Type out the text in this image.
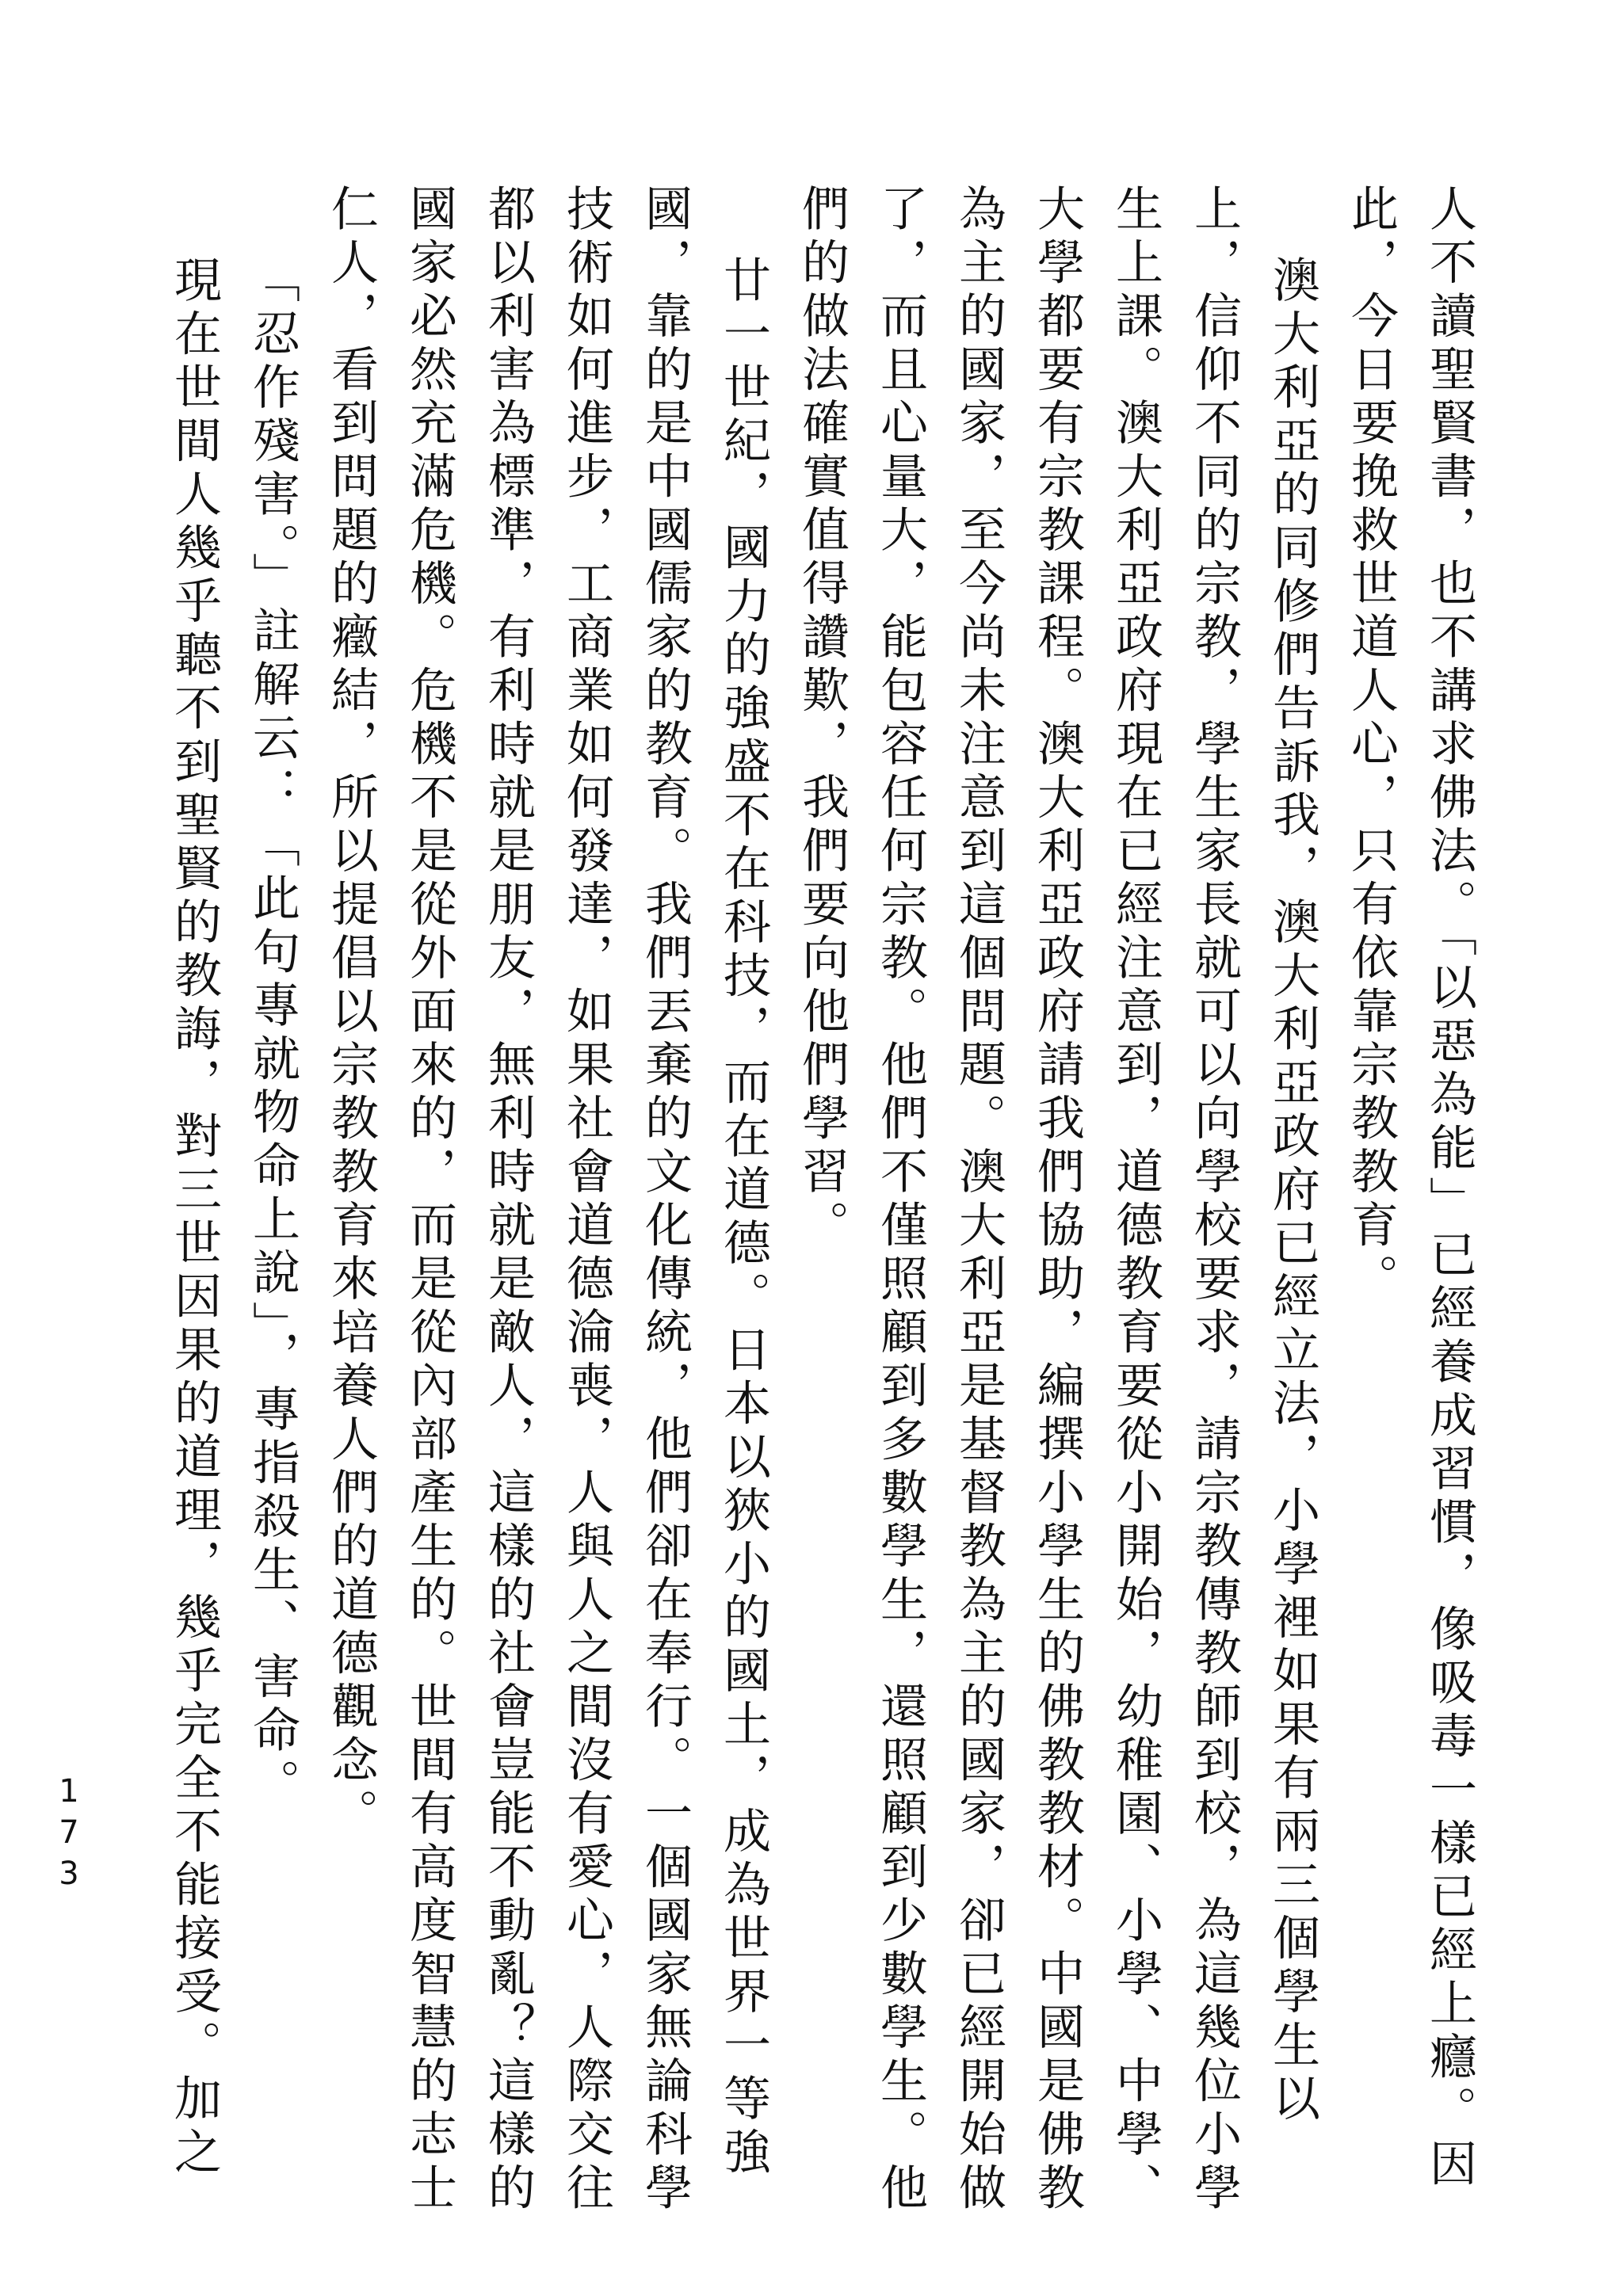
人不讀聖賢書，也不講求佛法。「以惡為能」已經養成習慣，像吸毒一樣已經上癮。因
此，今日要挽救世道人心，只有依靠宗教教育。
澳大利亞的同修們告訴我，澳大利亞政府已經立法，小學裡如果有兩三個學生以
上，信仰不同的宗教，學生家長就可以向學校要求，請宗教傳教師到校，為這幾位小學
生上課。澳大利亞政府現在已經注意到，道德教育要從小開始，幼稚園、小學、中學、
大學都要有宗教課程。澳大利亞政府請我們協助，編撰小學生的佛教教材。中國是佛教
為主的國家，至今尚未注意到這個問題。澳大利亞是基督教為主的國家，卻已經開始做
了，而且心量大，能包容任何宗教。他們不僅照顧到多數學生，還照顧到少數學生。他
們的做法確實值得讚歎，我們要向他們學習。
廿一世紀，國力的強盛不在科技，而在道德。日本以狹小的國土，成為世界一等強
國，靠的是中國儒家的教育。我們丟棄的文化傳統，他們卻在奉行。一個國家無論科學
技術如何進步，工商業如何發達，如果社會道德淪喪，人與人之間沒有愛心，人際交往
都以利害為標準，有利時就是朋友，無利時就是敵人，這樣的社會豈能不動亂？這樣的
國家必然充滿危機。危機不是從外面來的，而是從內部產生的。世間有高度智慧的志士
仁人，看到問題的癥結，所以提倡以宗教教育來培養人們的道德觀念。
「忍作殘害。」註解云：「此句專就物命上說」，專指殺生、害命。
現在世間人幾乎聽不到聖賢的教誨，對三世因果的道理，幾乎完全不能接受。加之
173
